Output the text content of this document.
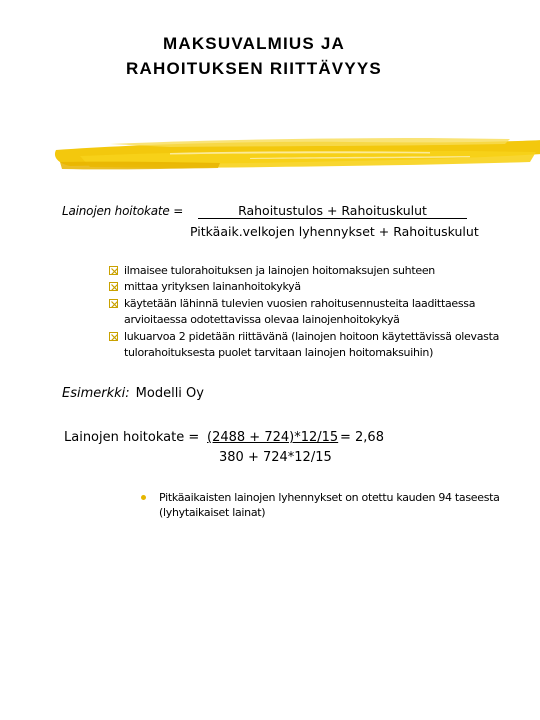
MAKSUVALMIUS JA
RAHOITUKSEN RIITTÄVYYS
Lainojen hoitokate =	Rahoitustulos + Rahoituskulut
Pitkäaik.velkojen lyhennykset + Rahoituskulut
ilmaisee tulorahoituksen ja lainojen hoitomaksujen suhteen
mittaa yrityksen lainanhoitokykyä
käytetään lähinnä tulevien vuosien rahoitusennusteita laadittaessa arvioitaessa odotettavissa olevaa lainojenhoitokykyä
lukuarvoa 2 pidetään riittävänä (lainojen hoitoon käytettävissä olevasta tulorahoituksesta puolet tarvitaan lainojen hoitomaksuihin)
Esimerkki: Modelli Oy
Lainojen hoitokate = (2488 + 724)*12/15 = 2,68
380 + 724*12/15
Pitkäaikaisten lainojen lyhennykset on otettu kauden 94 taseesta (lyhytaikaiset lainat)
